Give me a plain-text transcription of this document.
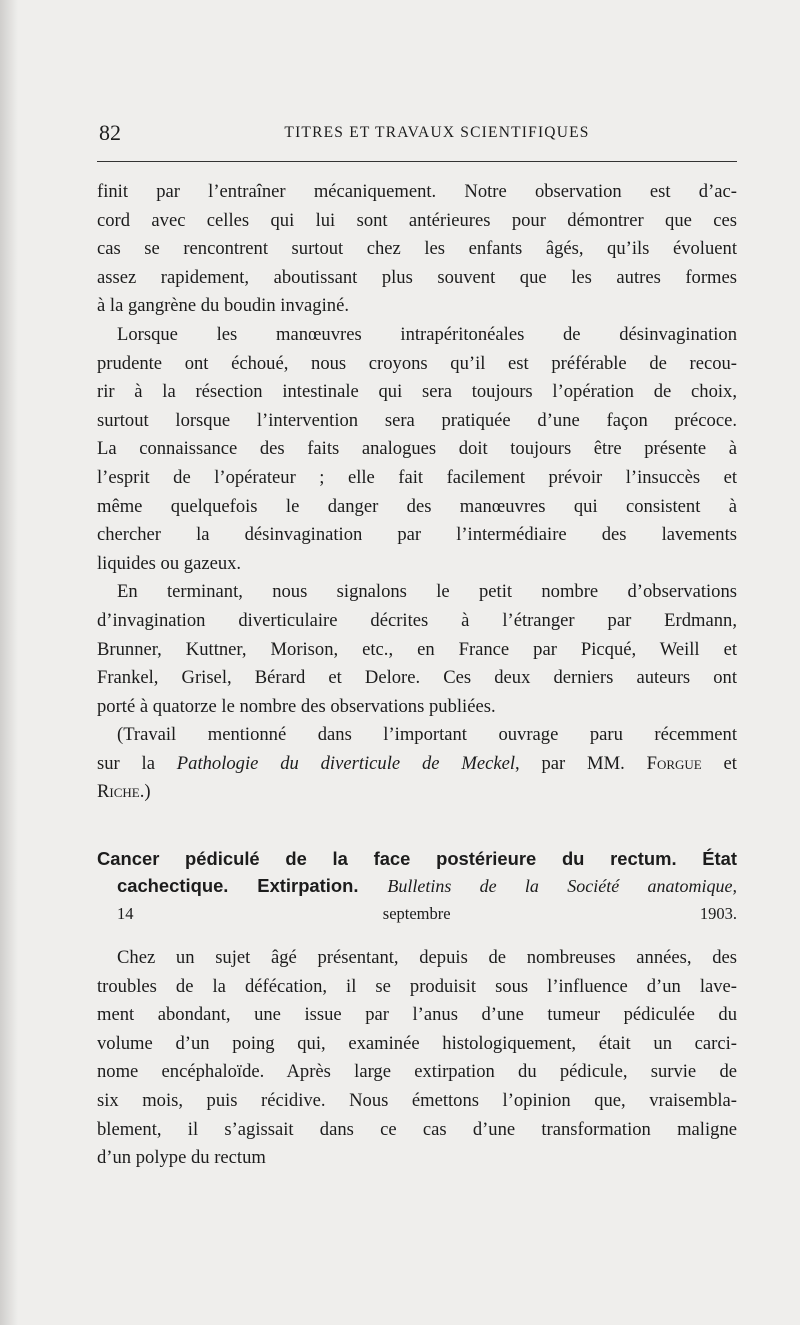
82	TITRES ET TRAVAUX SCIENTIFIQUES
finit par l’entraîner mécaniquement. Notre observation est d’ac-
cord avec celles qui lui sont antérieures pour démontrer que ces
cas se rencontrent surtout chez les enfants âgés, qu’ils évoluent
assez rapidement, aboutissant plus souvent que les autres formes
à la gangrène du boudin invaginé.
Lorsque les manœuvres intrapéritonéales de désinvagination
prudente ont échoué, nous croyons qu’il est préférable de recou-
rir à la résection intestinale qui sera toujours l’opération de choix,
surtout lorsque l’intervention sera pratiquée d’une façon précoce.
La connaissance des faits analogues doit toujours être présente à
l’esprit de l’opérateur ; elle fait facilement prévoir l’insuccès et
même quelquefois le danger des manœuvres qui consistent à
chercher la désinvagination par l’intermédiaire des lavements
liquides ou gazeux.
En terminant, nous signalons le petit nombre d’observations
d’invagination diverticulaire décrites à l’étranger par Erdmann,
Brunner, Kuttner, Morison, etc., en France par Picqué, Weill et
Frankel, Grisel, Bérard et Delore. Ces deux derniers auteurs ont
porté à quatorze le nombre des observations publiées.
(Travail mentionné dans l’important ouvrage paru récemment
sur la Pathologie du diverticule de Meckel, par MM. Forgue et
Riche.)
Cancer pédiculé de la face postérieure du rectum. État
cachectique. Extirpation. Bulletins de la Société anatomique,
14 septembre 1903.
Chez un sujet âgé présentant, depuis de nombreuses années, des
troubles de la défécation, il se produisit sous l’influence d’un lave-
ment abondant, une issue par l’anus d’une tumeur pédiculée du
volume d’un poing qui, examinée histologiquement, était un carci-
nome encéphaloïde. Après large extirpation du pédicule, survie de
six mois, puis récidive. Nous émettons l’opinion que, vraisembla-
blement, il s’agissait dans ce cas d’une transformation maligne
d’un polype du rectum
